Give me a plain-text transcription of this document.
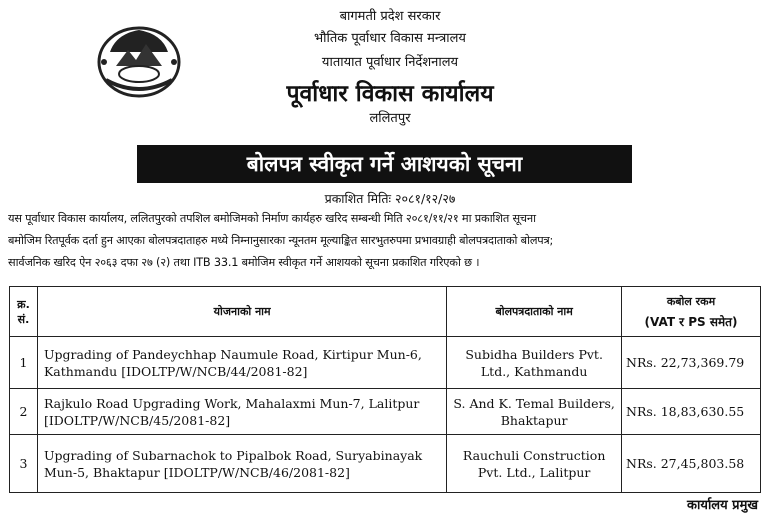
बागमती प्रदेश सरकार
भौतिक पूर्वाधार विकास मन्त्रालय
यातायात पूर्वाधार निर्देशनालय
पूर्वाधार विकास कार्यालय
ललितपुर
बोलपत्र स्वीकृत गर्ने आशयको सूचना
प्रकाशित मितिः २०८१/१२/२७
यस पूर्वाधार विकास कार्यालय, ललितपुरको तपशिल बमोजिमको निर्माण कार्यहरु खरिद सम्बन्धी मिति २०८१/११/२१ मा प्रकाशित सूचना
बमोजिम रितपूर्वक दर्ता हुन आएका बोलपत्रदाताहरु मध्ये निम्नानुसारका न्यूनतम मूल्याङ्कित सारभुतरुपमा प्रभावग्राही बोलपत्रदाताको बोलपत्र;
सार्वजनिक खरिद ऐन २०६३ दफा २७ (२) तथा ITB 33.1 बमोजिम स्वीकृत गर्ने आशयको सूचना प्रकाशित गरिएको छ ।
क्र. सं.	योजनाको नाम	बोलपत्रदाताको नाम	कबोल रकम
(VAT र PS समेत)

1	Upgrading of Pandeychhap Naumule Road, Kirtipur Mun-6, Kathmandu [IDOLTP/W/NCB/44/2081-82]	Subidha Builders Pvt. Ltd., Kathmandu	NRs. 22,73,369.79
2	Rajkulo Road Upgrading Work, Mahalaxmi Mun-7, Lalitpur [IDOLTP/W/NCB/45/2081-82]	S. And K. Temal Builders, Bhaktapur	NRs. 18,83,630.55
3	Upgrading of Subarnachok to Pipalbok Road, Suryabinayak Mun-5, Bhaktapur [IDOLTP/W/NCB/46/2081-82]	Rauchuli Construction Pvt. Ltd., Lalitpur	NRs. 27,45,803.58
कार्यालय प्रमुख
